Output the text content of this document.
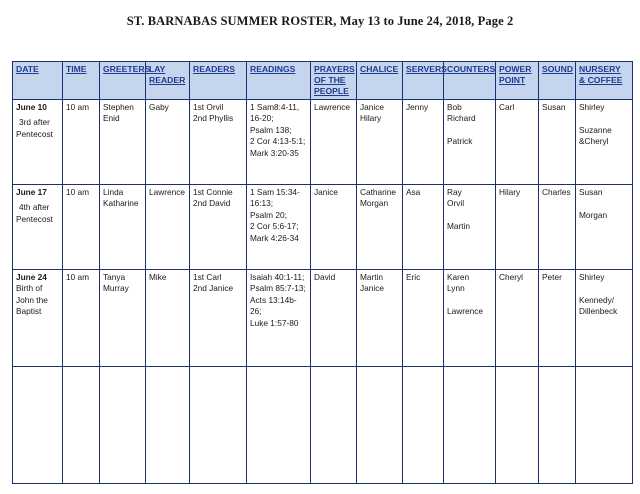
ST. BARNABAS SUMMER ROSTER, May 13 to June 24, 2018, Page 2
DATE	TIME	GREETERS	LAY
READER	READERS	READINGS	PRAYERS
OF THE
PEOPLE	CHALICE	SERVERS	COUNTERS	POWER
POINT	SOUND	NURSERY
& COFFEE

June 10
3rd after
Pentecost	10 am	Stephen
Enid	Gaby	1st Orvil
2nd Phyllis	1 Sam8:4-11,
16-20;
Psalm 138;
2 Cor 4:13-5:1;
Mark 3:20-35	Lawrence	Janice
Hilary	Jenny	Bob
Richard
Patrick	Carl	Susan	Shirley
Suzanne
&Cheryl

June 17
4th after
Pentecost	10 am	Linda
Katharine	Lawrence	1st Connie
2nd David	1 Sam 15:34-
16:13;
Psalm 20;
2 Cor 5:6-17;
Mark 4:26-34	Janice	Catharine
Morgan	Asa	Ray
Orvil
Martin	Hilary	Charles	Susan
Morgan

June 24
Birth of
John the
Baptist	10 am	Tanya
Murray	Mike	1st Carl
2nd Janice	Isaiah 40:1-11;
Psalm 85:7-13;
Acts 13:14b-
26;
Luke 1:57-80	David	Martin
Janice	Eric	Karen
Lynn
Lawrence	Cheryl	Peter	Shirley
Kennedy/
Dillenbeck
